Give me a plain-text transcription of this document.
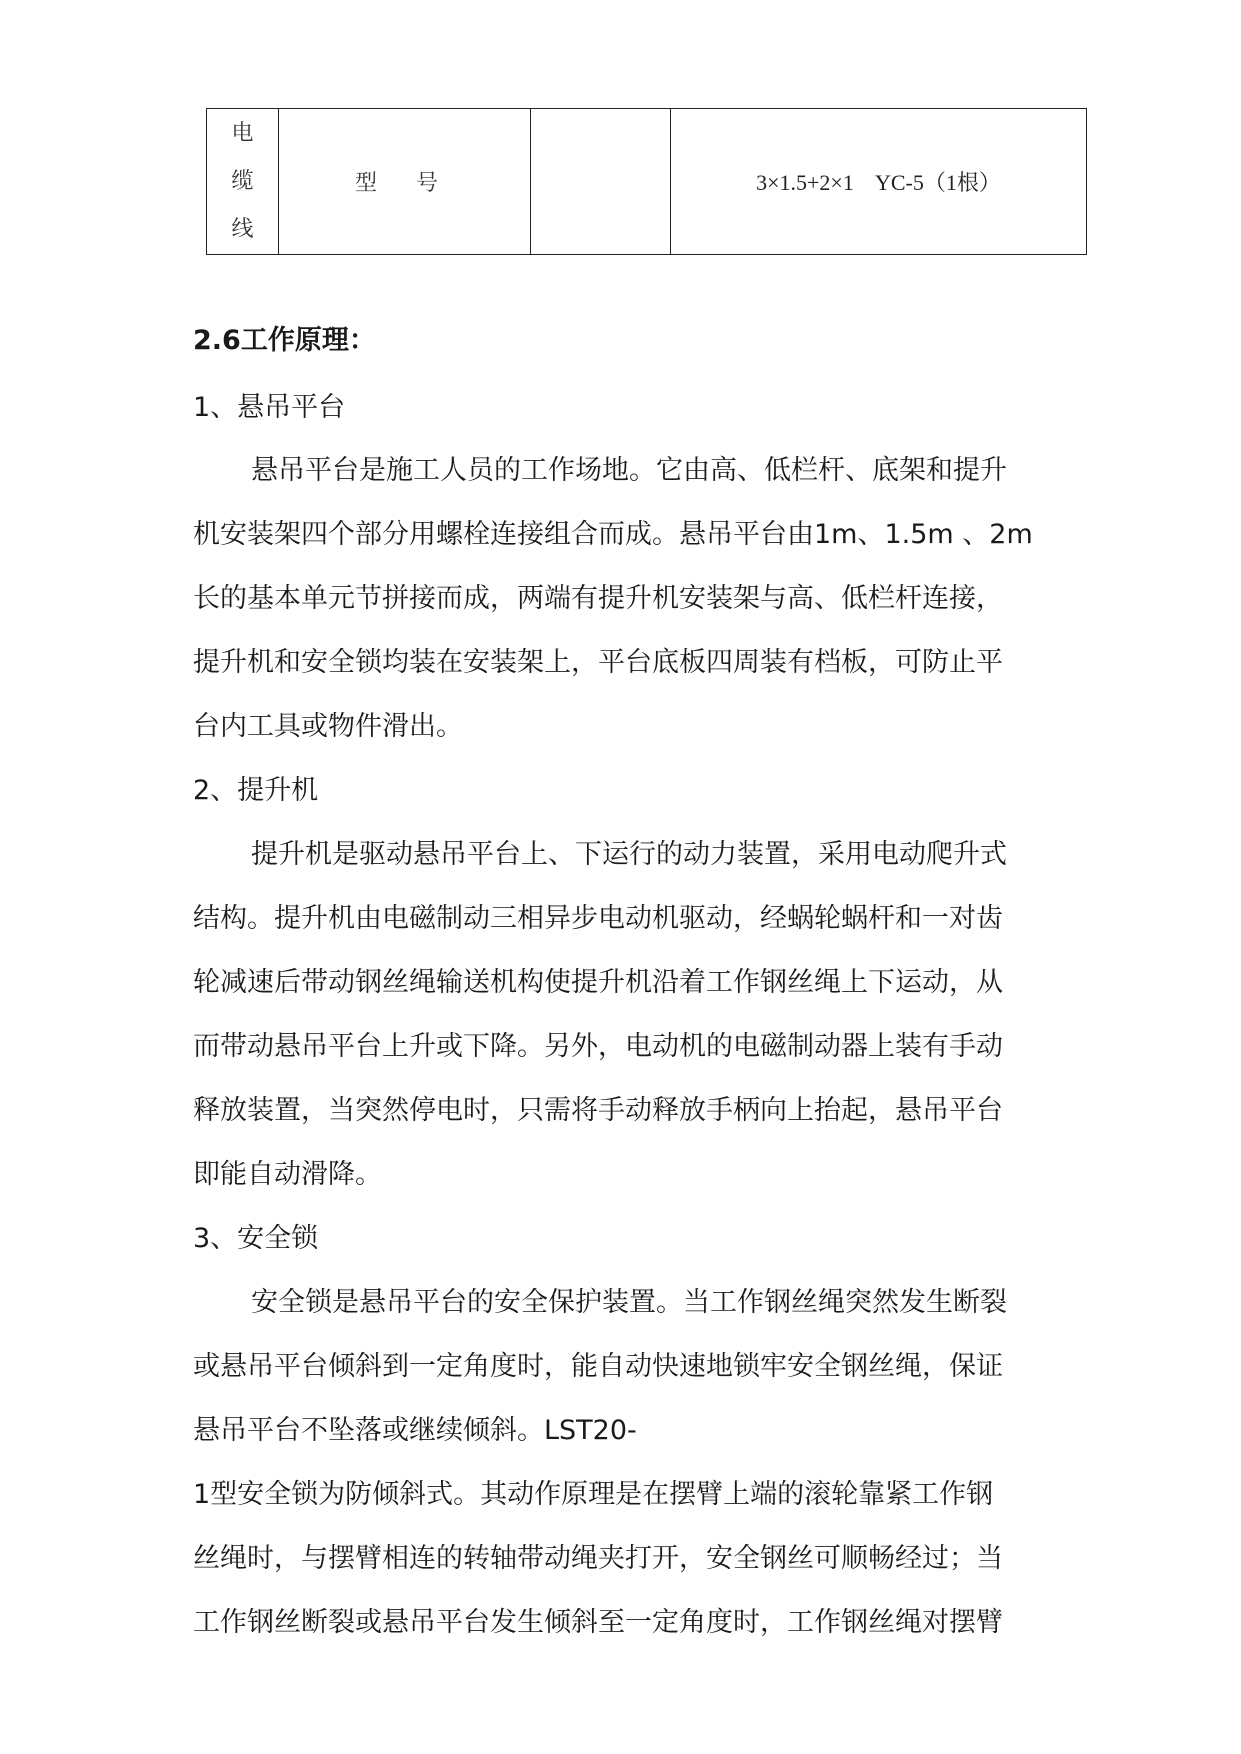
电缆线	型 号		3×1.5+2×1    YC-5（1根）
2.6工作原理：
1、悬吊平台
悬吊平台是施工人员的工作场地。它由高、低栏杆、底架和提升
机安装架四个部分用螺栓连接组合而成。悬吊平台由1m、1.5m 、2m
长的基本单元节拼接而成，两端有提升机安装架与高、低栏杆连接，
提升机和安全锁均装在安装架上，平台底板四周装有档板，可防止平
台内工具或物件滑出。
2、提升机
提升机是驱动悬吊平台上、下运行的动力装置，采用电动爬升式
结构。提升机由电磁制动三相异步电动机驱动，经蜗轮蜗杆和一对齿
轮减速后带动钢丝绳输送机构使提升机沿着工作钢丝绳上下运动，从
而带动悬吊平台上升或下降。另外，电动机的电磁制动器上装有手动
释放装置，当突然停电时，只需将手动释放手柄向上抬起，悬吊平台
即能自动滑降。
3、安全锁
安全锁是悬吊平台的安全保护装置。当工作钢丝绳突然发生断裂
或悬吊平台倾斜到一定角度时，能自动快速地锁牢安全钢丝绳，保证
悬吊平台不坠落或继续倾斜。LST20-
1型安全锁为防倾斜式。其动作原理是在摆臂上端的滚轮靠紧工作钢
丝绳时，与摆臂相连的转轴带动绳夹打开，安全钢丝可顺畅经过；当
工作钢丝断裂或悬吊平台发生倾斜至一定角度时，工作钢丝绳对摆臂
